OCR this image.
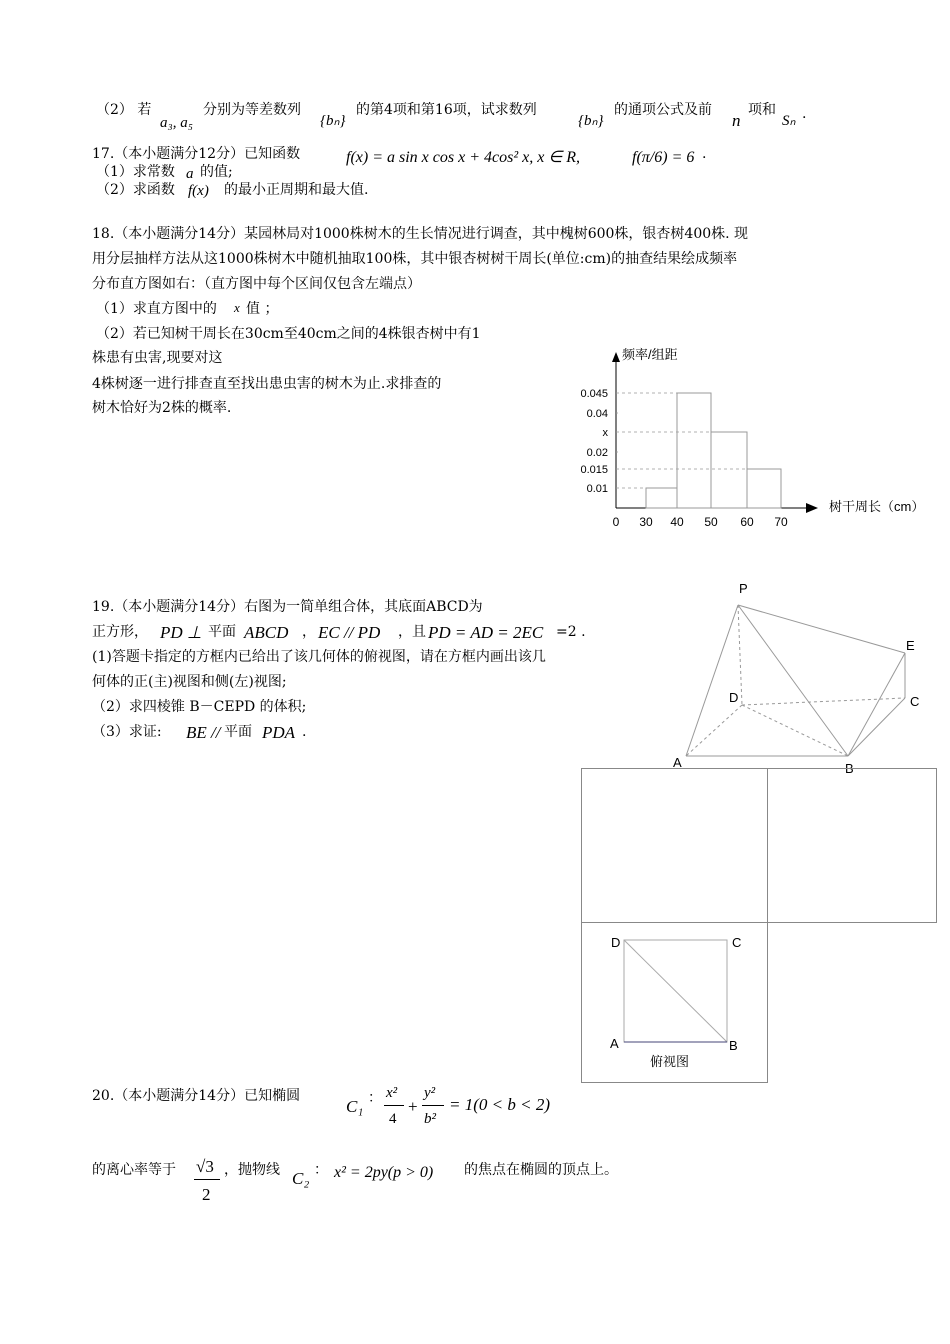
（2） 若
a₃, a₅
分别为等差数列
{bₙ}
的第4项和第16项，试求数列
{bₙ}
的通项公式及前
n
项和
Sₙ .
17.（本小题满分12分）已知函数	f(x) = a sin x cos x + 4cos² x, x ∈ R,	f(π/6) = 6 .
（1）求常数 a 的值;
（2）求函数 f(x) 的最小正周期和最大值.
18.（本小题满分14分）某园林局对1000株树木的生长情况进行调查，其中槐树600株，银杏树400株. 现
用分层抽样方法从这1000株树木中随机抽取100株，其中银杏树树干周长(单位:cm)的抽查结果绘成频率
分布直方图如右：（直方图中每个区间仅包含左端点）
（1）求直方图中的 x 值 ；
（2）若已知树干周长在30cm至40cm之间的4株银杏树中有1
株患有虫害,现要对这
4株树逐一进行排查直至找出患虫害的树木为止.求排查的
树木恰好为2株的概率.
频率/组距
树干周长（cm）
0.045
0.04
x
0.02
0.015
0.01
0 30 40 50 60 70
19.（本小题满分14分）右图为一简单组合体，其底面ABCD为
正方形， PD ⊥ 平面 ABCD ， EC // PD ，且 PD = AD = 2EC =2 .
(1)答题卡指定的方框内已给出了该几何体的俯视图，请在方框内画出该几
何体的正(主)视图和侧(左)视图;
（2）求四棱锥 B－CEPD 的体积;
（3）求证: BE // 平面 PDA .
P
E
D	C
A	B
D	C
A	B
俯视图
20.（本小题满分14分）已知椭圆
C₁ ： x²
4
+
y²
b²
= 1(0 < b < 2)
的离心率等于 √3
2
，抛物线 C₂ ： x² = 2py(p > 0) 的焦点在椭圆的顶点上。
